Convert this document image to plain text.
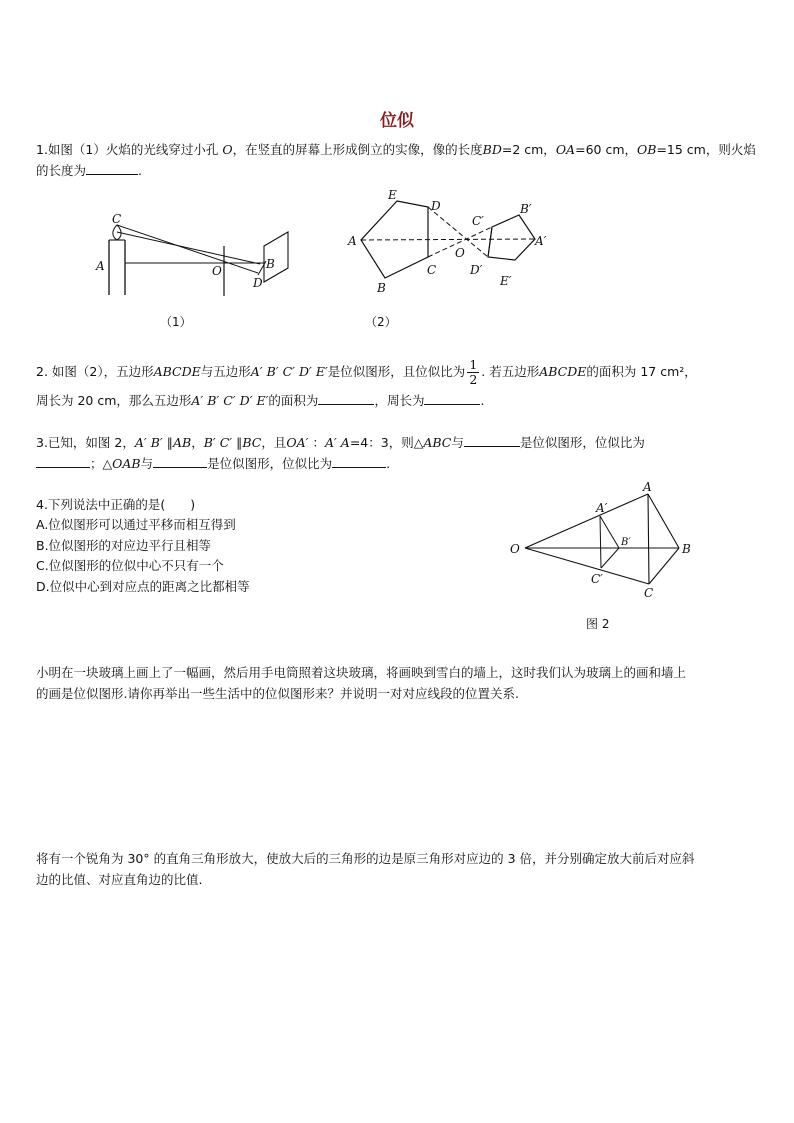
位似
1.如图（1）火焰的光线穿过小孔 O，在竖直的屏幕上形成倒立的实像，像的长度BD=2 cm，OA=60 cm，OB=15 cm，则火焰
的长度为	.
C
A	O	B
D
（1）
E
D
A
C
B
O
C′
B′
A′
D′
E′
（2）
2. 如图（2），五边形ABCDE与五边形A′ B′ C′ D′ E′是位似图形，且位似比为 $\frac{1}{2}$ . 若五边形ABCDE的面积为 17 cm²，
周长为 20 cm，那么五边形A′ B′ C′ D′ E′的面积为	，周长为	.
3.已知，如图 2，A′ B′ ∥AB，B′ C′ ∥BC，且OA′ ：A′ A=4：3，则△ABC与	是位似图形，位似比为
；△OAB与	是位似图形，位似比为	.
4.下列说法中正确的是(　　)
A.位似图形可以通过平移而相互得到
B.位似图形的对应边平行且相等
C.位似图形的位似中心不只有一个
D.位似中心到对应点的距离之比都相等
A
A′
O	B′	B
C′
C
图 2
小明在一块玻璃上画上了一幅画，然后用手电筒照着这块玻璃，将画映到雪白的墙上，这时我们认为玻璃上的画和墙上
的画是位似图形.请你再举出一些生活中的位似图形来？并说明一对对应线段的位置关系.
将有一个锐角为 30° 的直角三角形放大，使放大后的三角形的边是原三角形对应边的 3 倍，并分别确定放大前后对应斜
边的比值、对应直角边的比值.
